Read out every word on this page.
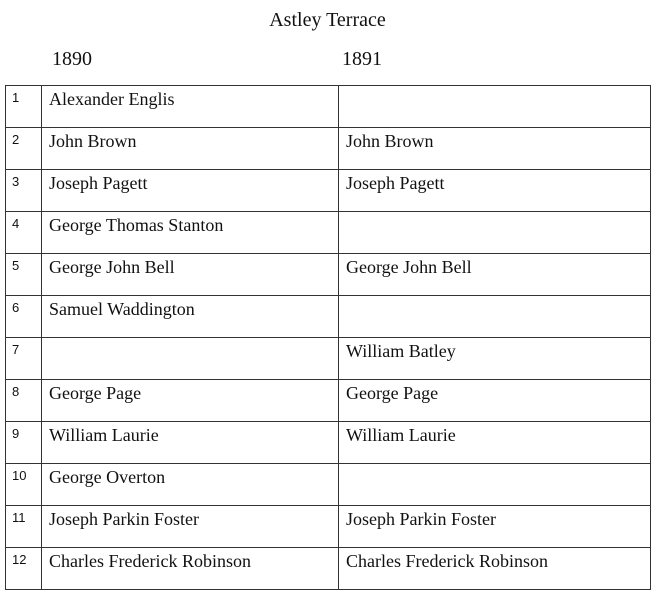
Astley Terrace
1890	1891
1	Alexander Englis	
2	John Brown	John Brown
3	Joseph Pagett	Joseph Pagett
4	George Thomas Stanton	
5	George John Bell	George John Bell
6	Samuel Waddington	
7		William Batley
8	George Page	George Page
9	William Laurie	William Laurie
10	George Overton	
11	Joseph Parkin Foster	Joseph Parkin Foster
12	Charles Frederick Robinson	Charles Frederick Robinson
